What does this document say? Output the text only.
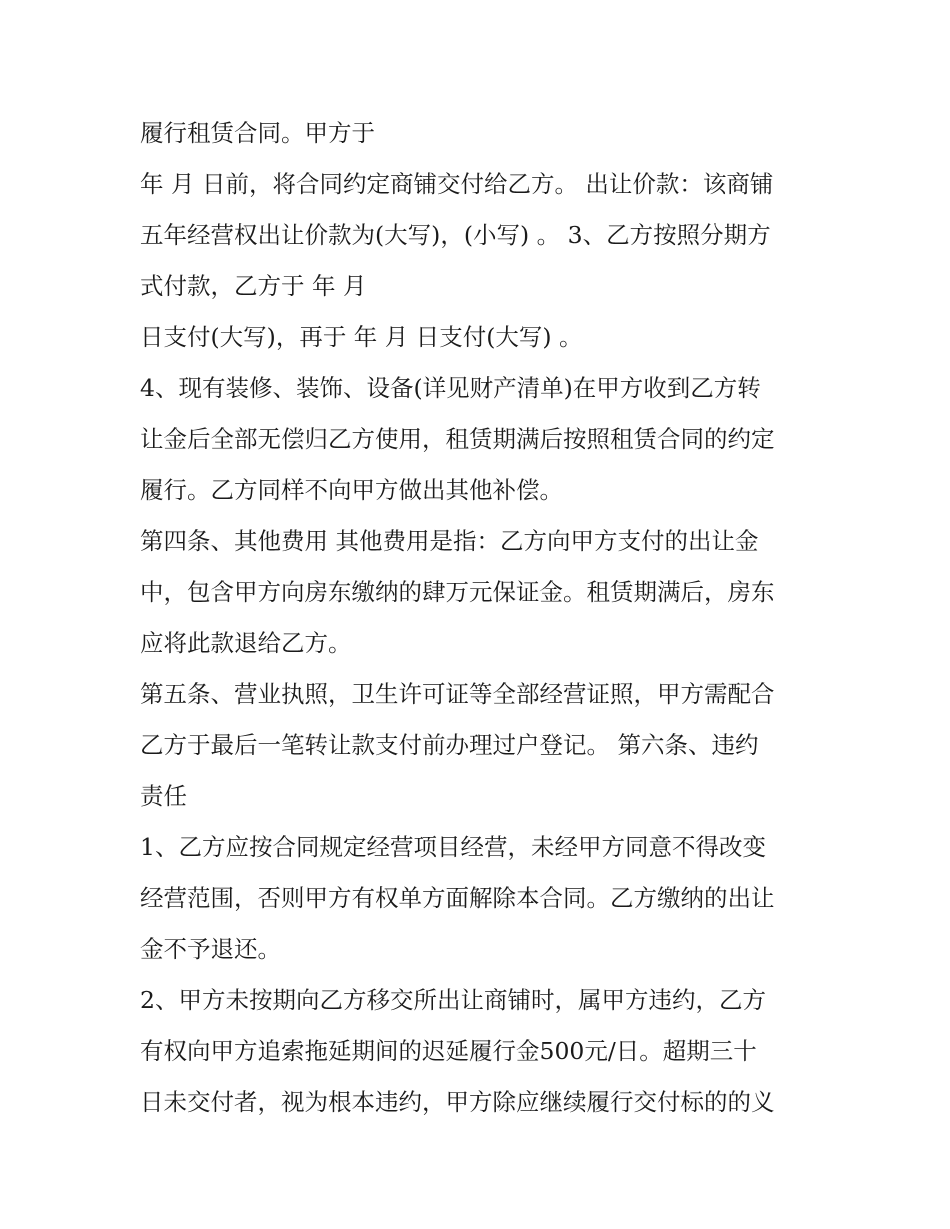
履行租赁合同。甲方于
年 月 日前，将合同约定商铺交付给乙方。 出让价款：该商铺
五年经营权出让价款为(大写)，(小写) 。 3、乙方按照分期方
式付款，乙方于 年 月
日支付(大写)，再于 年 月 日支付(大写) 。
4、现有装修、装饰、设备(详见财产清单)在甲方收到乙方转
让金后全部无偿归乙方使用，租赁期满后按照租赁合同的约定
履行。乙方同样不向甲方做出其他补偿。
第四条、其他费用 其他费用是指：乙方向甲方支付的出让金
中，包含甲方向房东缴纳的肆万元保证金。租赁期满后，房东
应将此款退给乙方。
第五条、营业执照，卫生许可证等全部经营证照，甲方需配合
乙方于最后一笔转让款支付前办理过户登记。 第六条、违约
责任
1、乙方应按合同规定经营项目经营，未经甲方同意不得改变
经营范围，否则甲方有权单方面解除本合同。乙方缴纳的出让
金不予退还。
2、甲方未按期向乙方移交所出让商铺时，属甲方违约，乙方
有权向甲方追索拖延期间的迟延履行金500元/日。超期三十
日未交付者，视为根本违约，甲方除应继续履行交付标的的义
